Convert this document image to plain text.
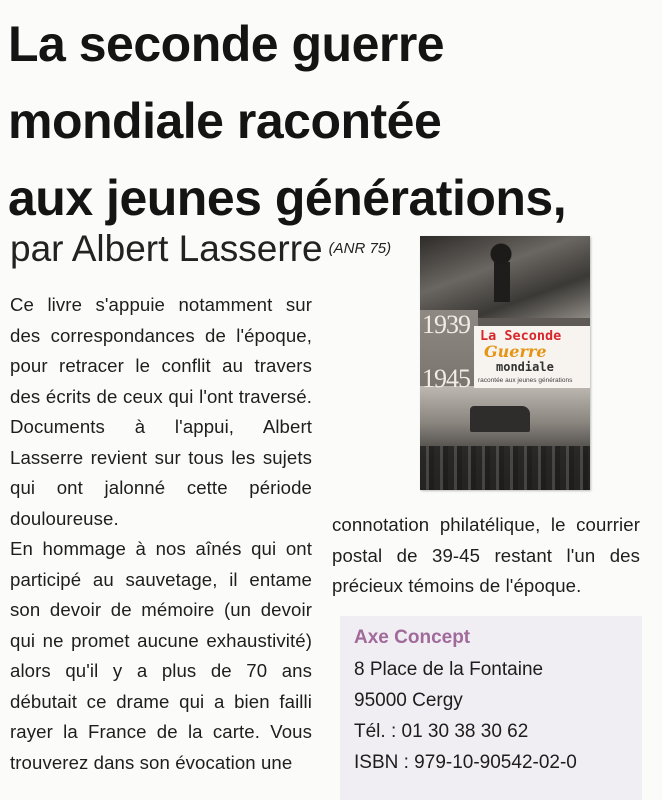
La seconde guerre
mondiale racontée
aux jeunes générations,
par Albert Lasserre $^{(ANR 75)}$

Ce livre s'appuie notamment sur des correspondances de l'époque, pour retracer le conflit au travers des écrits de ceux qui l'ont traversé. Documents à l'appui, Albert Lasserre revient sur tous les sujets qui ont jalonné cette période douloureuse.

En hommage à nos aînés qui ont participé au sauvetage, il entame son devoir de mémoire (un devoir qui ne promet aucune exhaustivité) alors qu'il y a plus de 70 ans débutait ce drame qui a bien failli rayer la France de la carte. Vous trouverez dans son évocation une

1939
1945
La Seconde
Guerre
mondiale
racontée aux jeunes générations

connotation philatélique, le courrier postal de 39-45 restant l'un des précieux témoins de l'époque.

Axe Concept
8 Place de la Fontaine
95000 Cergy
Tél. : 01 30 38 30 62
ISBN : 979-10-90542-02-0
